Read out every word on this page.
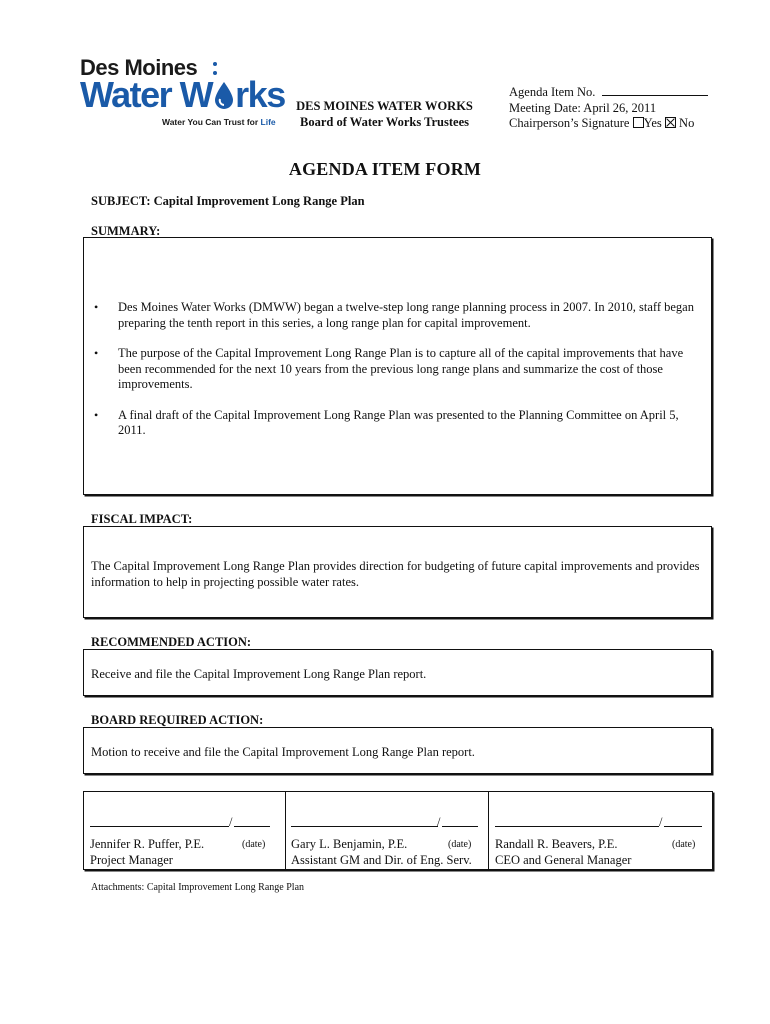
Des Moines
Water W rks
Water You Can Trust for Life
DES MOINES WATER WORKS
Board of Water Works Trustees
Agenda Item No.
Meeting Date: April 26, 2011
Chairperson’s Signature Yes No
AGENDA ITEM FORM
SUBJECT: Capital Improvement Long Range Plan
SUMMARY:
• Des Moines Water Works (DMWW) began a twelve-step long range planning process in 2007. In 2010, staff began preparing the tenth report in this series, a long range plan for capital improvement.
• The purpose of the Capital Improvement Long Range Plan is to capture all of the capital improvements that have been recommended for the next 10 years from the previous long range plans and summarize the cost of those improvements.
• A final draft of the Capital Improvement Long Range Plan was presented to the Planning Committee on April 5, 2011.
FISCAL IMPACT:
The Capital Improvement Long Range Plan provides direction for budgeting of future capital improvements and provides information to help in projecting possible water rates.
RECOMMENDED ACTION:
Receive and file the Capital Improvement Long Range Plan report.
BOARD REQUIRED ACTION:
Motion to receive and file the Capital Improvement Long Range Plan report.
/
Jennifer R. Puffer, P.E.	(date)
Project Manager
/
Gary L. Benjamin, P.E.	(date)
Assistant GM and Dir. of Eng. Serv.
/
Randall R. Beavers, P.E.	(date)
CEO and General Manager
Attachments: Capital Improvement Long Range Plan
